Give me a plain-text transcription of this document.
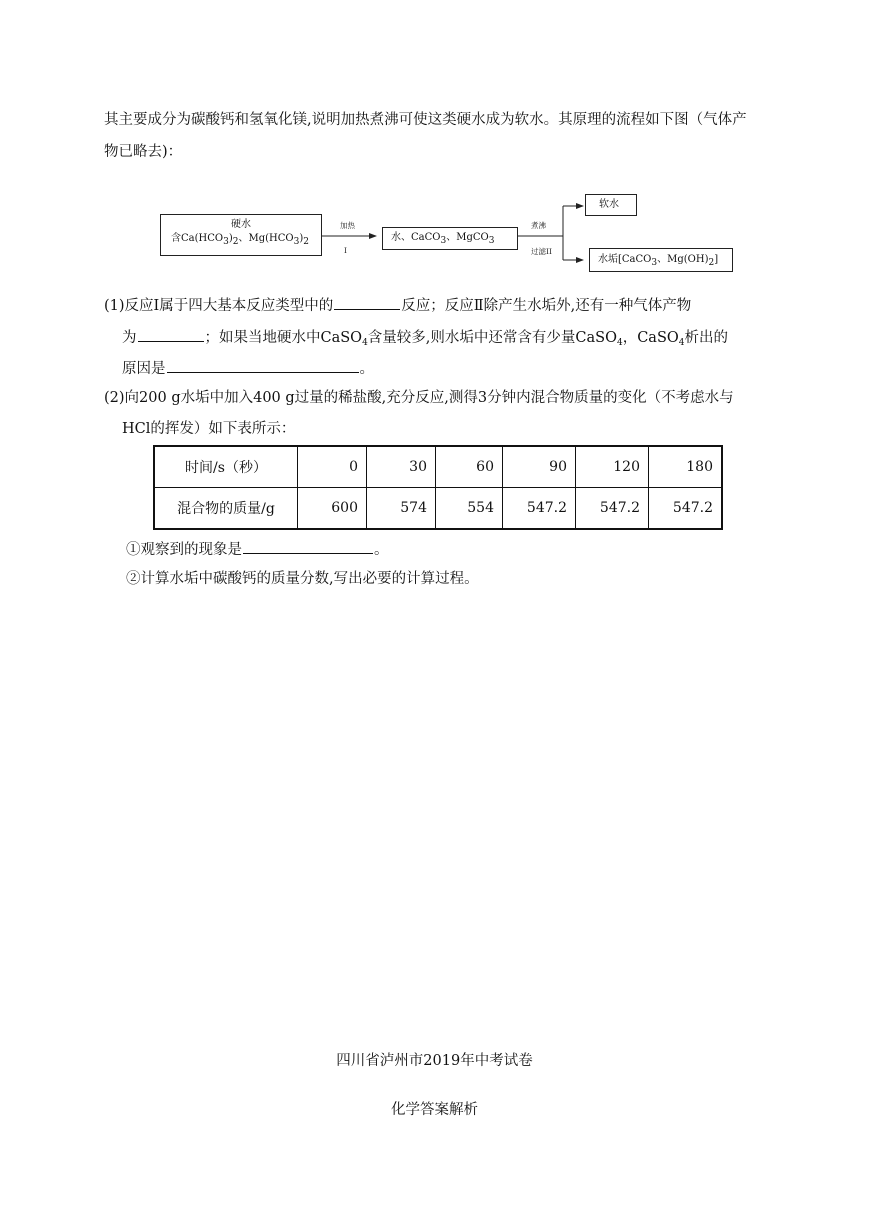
其主要成分为碳酸钙和氢氧化镁,说明加热煮沸可使这类硬水成为软水。其原理的流程如下图（气体产
物已略去)：
硬水
含$Ca(HCO_3)_2$、$Mg(HCO_3)_2$
加热
I
水、CaCO$_3$、MgCO$_3$
煮沸
过滤II
软水
水垢[CaCO$_3$、$Mg(OH)_2$]
(1)反应Ⅰ属于四大基本反应类型中的	反应；反应Ⅱ除产生水垢外,还有一种气体产物
为	；如果当地硬水中CaSO$_4$含量较多,则水垢中还常含有少量CaSO$_4$，CaSO$_4$析出的
原因是	。
(2)向200 g水垢中加入400 g过量的稀盐酸,充分反应,测得3分钟内混合物质量的变化（不考虑水与
HCl的挥发）如下表所示：
时间/s（秒）	0	30	60	90	120	180
混合物的质量/g	600	574	554	547.2	547.2	547.2
①观察到的现象是	。
②计算水垢中碳酸钙的质量分数,写出必要的计算过程。
四川省泸州市2019年中考试卷
化学答案解析
